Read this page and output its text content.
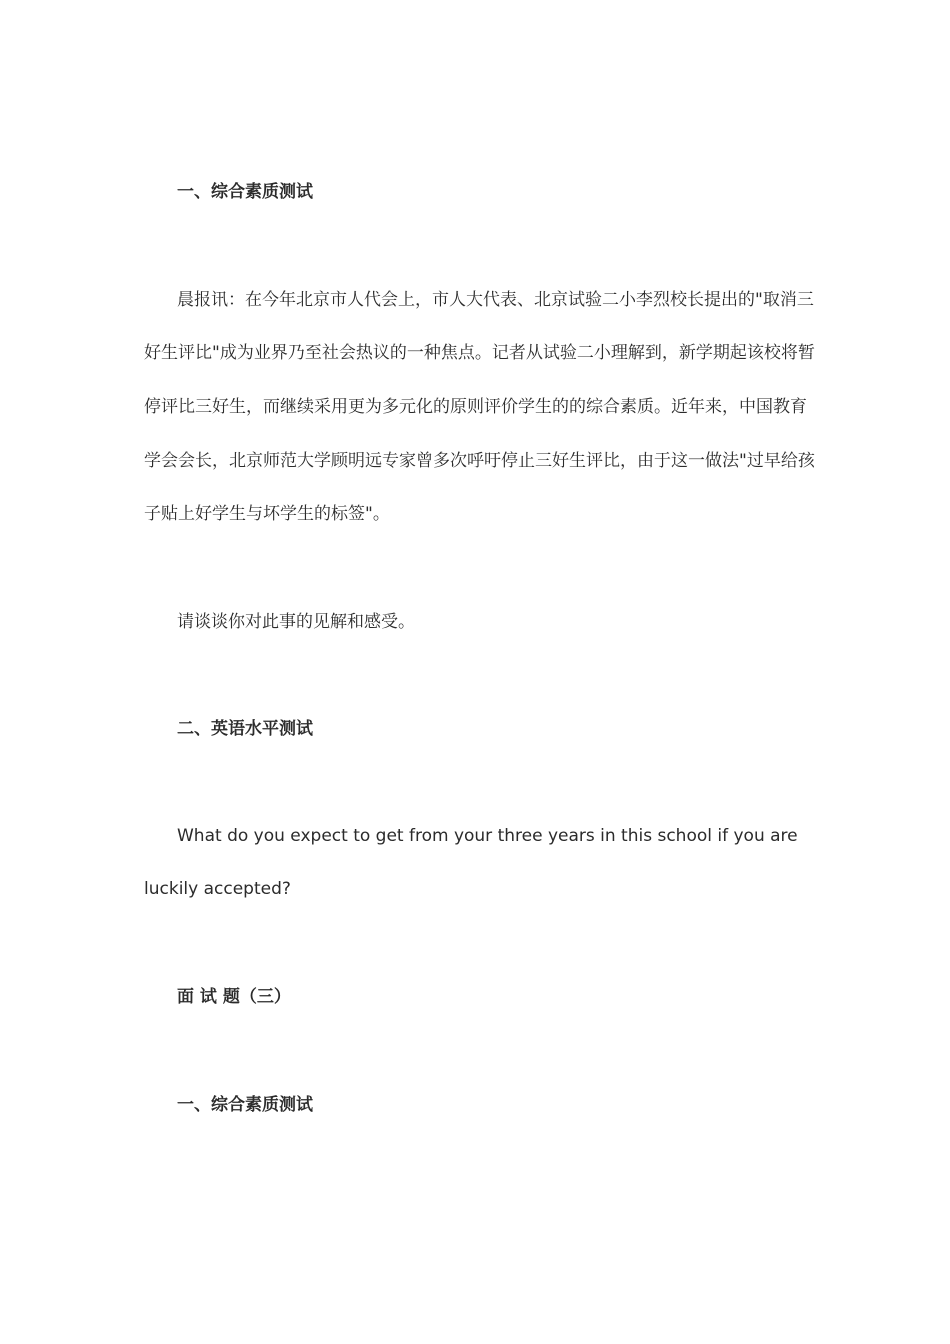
一、综合素质测试
晨报讯：在今年北京市人代会上，市人大代表、北京试验二小李烈校长提出的"取消三
好生评比"成为业界乃至社会热议的一种焦点。记者从试验二小理解到，新学期起该校将暂
停评比三好生，而继续采用更为多元化的原则评价学生的的综合素质。近年来，中国教育
学会会长，北京师范大学顾明远专家曾多次呼吁停止三好生评比，由于这一做法"过早给孩
子贴上好学生与坏学生的标签"。
请谈谈你对此事的见解和感受。
二、英语水平测试
What do you expect to get from your three years in this school if you are
luckily accepted?
面 试 题（三）
一、综合素质测试
